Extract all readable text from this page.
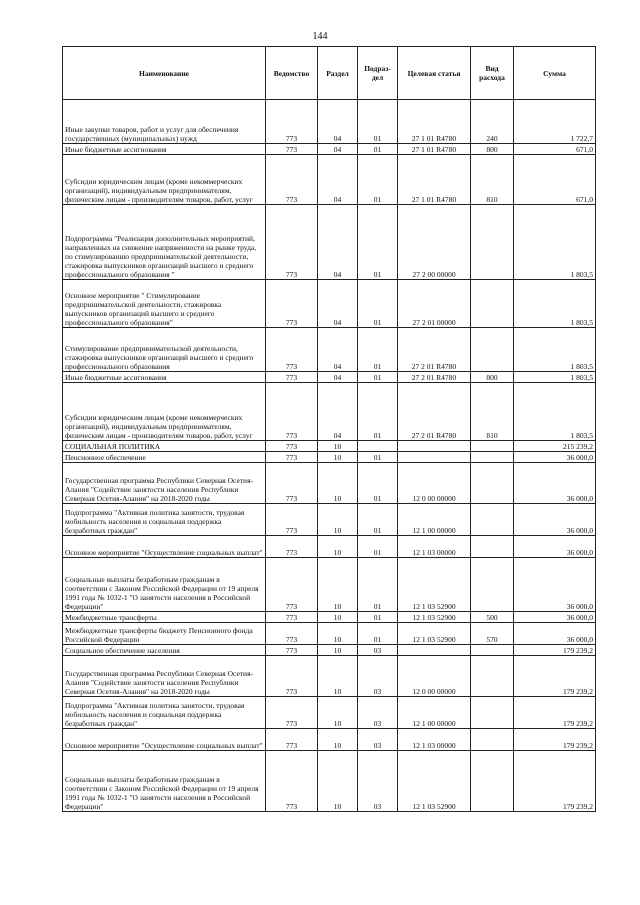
144
Наименование	Ведомство	Раздел	Подраз-дел	Целевая статья	Вид расхода	Сумма
Иные закупки товаров, работ и услуг для обеспечения государственных (муниципальных) нужд	773	04	01	27 1 01 R4780	240	1 722,7
Иные бюджетные ассигнования	773	04	01	27 1 01 R4780	800	671,0
Субсидии юридическим лицам (кроме некоммерческих организаций), индивидуальным предпринимателям, физическим лицам - производителям товаров, работ, услуг	773	04	01	27 1 01 R4780	810	671,0
Подпрограмма "Реализация дополнительных мероприятий, направленных на снижение напряженности на рынке труда, по стимулированию предпринимательской деятельности, стажировка выпускников организаций высшего и среднего профессионального образования "	773	04	01	27 2 00 00000		1 803,5
Основное мероприятие " Стимулирование предпринимательской деятельности, стажировка выпускников организаций высшего и среднего профессионального образования"	773	04	01	27 2 01 00000		1 803,5
Стимулирование предпринимательской деятельности, стажировка выпускников организаций высшего и среднего профессионального образования	773	04	01	27 2 01 R4780		1 803,5
Иные бюджетные ассигнования	773	04	01	27 2 01 R4780	800	1 803,5
Субсидии юридическим лицам (кроме некоммерческих организаций), индивидуальным предпринимателям, физическим лицам - производителям товаров, работ, услуг	773	04	01	27 2 01 R4780	810	1 803,5
СОЦИАЛЬНАЯ ПОЛИТИКА	773	10				215 239,2
Пенсионное обеспечение	773	10	01			36 000,0
Государственная программа Республики Северная Осетия-Алания "Содействие занятости населения Республики Северная Осетия-Алания" на 2018-2020 годы	773	10	01	12 0 00 00000		36 000,0
Подпрограмма "Активная политика занятости, трудовая мобильность населения и социальная поддержка безработных граждан"	773	10	01	12 1 00 00000		36 000,0
Основное мероприятие "Осуществление социальных выплат"	773	10	01	12 1 03 00000		36 000,0
Социальные выплаты безработным гражданам в соответствии с Законом Российской Федерации от 19 апреля 1991 года № 1032-1 "О занятости населения в Российской Федерации"	773	10	01	12 1 03 52900		36 000,0
Межбюджетные трансферты	773	10	01	12 1 03 52900	500	36 000,0
Межбюджетные трансферты бюджету Пенсионного фонда Российской Федерации	773	10	01	12 1 03 52900	570	36 000,0
Социальное обеспечение населения	773	10	03			179 239,2
Государственная программа Республики Северная Осетия-Алания "Содействие занятости населения Республики Северная Осетия-Алания" на 2018-2020 годы	773	10	03	12 0 00 00000		179 239,2
Подпрограмма "Активная политика занятости, трудовая мобильность населения и социальная поддержка безработных граждан"	773	10	03	12 1 00 00000		179 239,2
Основное мероприятие "Осуществление социальных выплат"	773	10	03	12 1 03 00000		179 239,2
Социальные выплаты безработным гражданам в соответствии с Законом Российской Федерации от 19 апреля 1991 года № 1032-1 "О занятости населения в Российской Федерации"	773	10	03	12 1 03 52900		179 239,2
